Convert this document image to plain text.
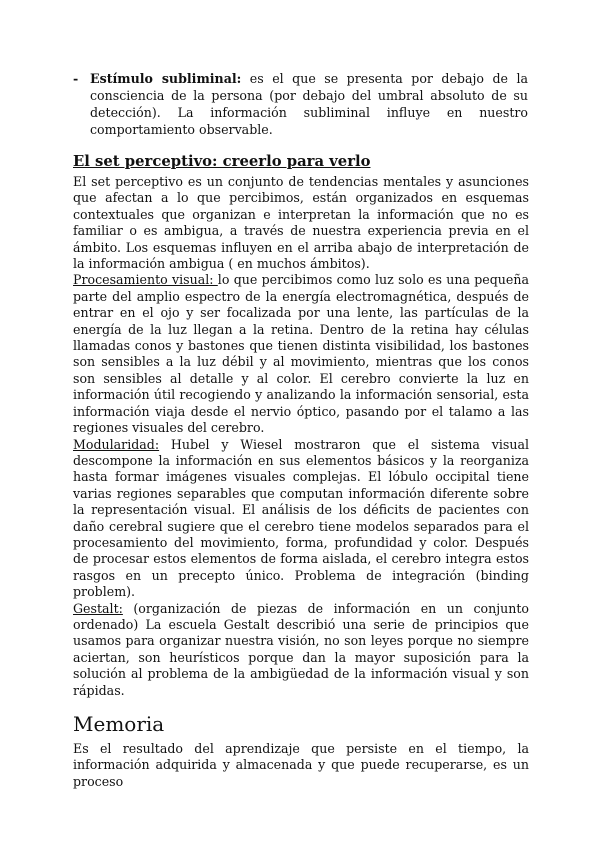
- Estímulo subliminal: es el que se presenta por debajo de la consciencia de la persona (por debajo del umbral absoluto de su detección). La información subliminal influye en nuestro comportamiento observable.
El set perceptivo: creerlo para verlo

El set perceptivo es un conjunto de tendencias mentales y asunciones que afectan a lo que percibimos, están organizados en esquemas contextuales que organizan e interpretan la información que no es familiar o es ambigua, a través de nuestra experiencia previa en el ámbito. Los esquemas influyen en el arriba abajo de interpretación de la información ambigua ( en muchos ámbitos).

Procesamiento visual: lo que percibimos como luz solo es una pequeña parte del amplio espectro de la energía electromagnética, después de entrar en el ojo y ser focalizada por una lente, las partículas de la energía de la luz llegan a la retina. Dentro de la retina hay células llamadas conos y bastones que tienen distinta visibilidad, los bastones son sensibles a la luz débil y al movimiento, mientras que los conos son sensibles al detalle y al color. El cerebro convierte la luz en información útil recogiendo y analizando la información sensorial, esta información viaja desde el nervio óptico, pasando por el talamo a las regiones visuales del cerebro.

Modularidad: Hubel y Wiesel mostraron que el sistema visual descompone la información en sus elementos básicos y la reorganiza hasta formar imágenes visuales complejas. El lóbulo occipital tiene varias regiones separables que computan información diferente sobre la representación visual. El análisis de los déficits de pacientes con daño cerebral sugiere que el cerebro tiene modelos separados para el procesamiento del movimiento, forma, profundidad y color. Después de procesar estos elementos de forma aislada, el cerebro integra estos rasgos en un precepto único. Problema de integración (binding problem).

Gestalt: (organización de piezas de información en un conjunto ordenado) La escuela Gestalt describió una serie de principios que usamos para organizar nuestra visión, no son leyes porque no siempre aciertan, son heurísticos porque dan la mayor suposición para la solución al problema de la ambigüedad de la información visual y son rápidas.

Memoria

Es el resultado del aprendizaje que persiste en el tiempo, la información adquirida y almacenada y que puede recuperarse, es un proceso
